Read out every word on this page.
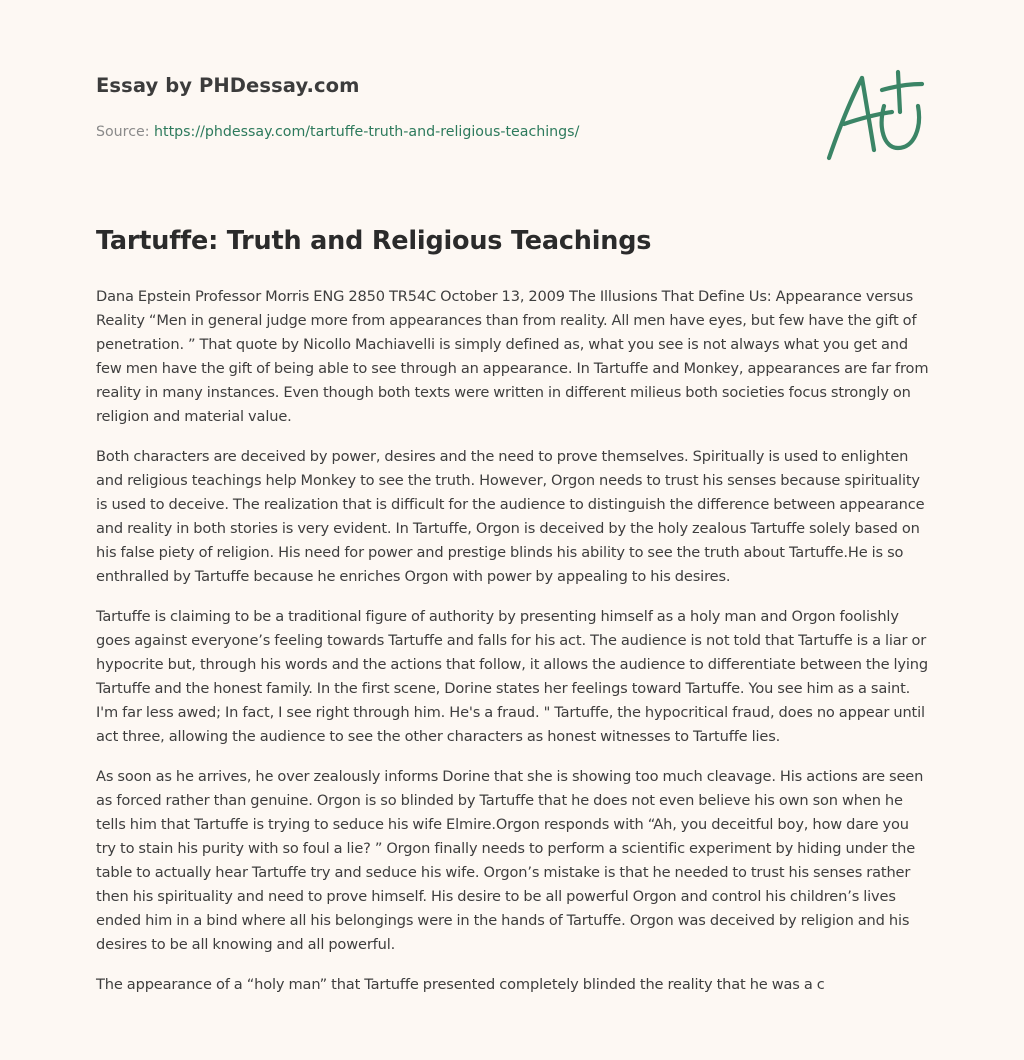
Essay by PHDessay.com

Source: https://phdessay.com/tartuffe-truth-and-religious-teachings/
Tartuffe: Truth and Religious Teachings

Dana Epstein Professor Morris ENG 2850 TR54C October 13, 2009 The Illusions That Define Us: Appearance versus Reality “Men in general judge more from appearances than from reality. All men have eyes, but few have the gift of penetration. ” That quote by Nicollo Machiavelli is simply defined as, what you see is not always what you get and few men have the gift of being able to see through an appearance. In Tartuffe and Monkey, appearances are far from reality in many instances. Even though both texts were written in different milieus both societies focus strongly on religion and material value.

Both characters are deceived by power, desires and the need to prove themselves. Spiritually is used to enlighten and religious teachings help Monkey to see the truth. However, Orgon needs to trust his senses because spirituality is used to deceive. The realization that is difficult for the audience to distinguish the difference between appearance and reality in both stories is very evident. In Tartuffe, Orgon is deceived by the holy zealous Tartuffe solely based on his false piety of religion. His need for power and prestige blinds his ability to see the truth about Tartuffe.He is so enthralled by Tartuffe because he enriches Orgon with power by appealing to his desires.

Tartuffe is claiming to be a traditional figure of authority by presenting himself as a holy man and Orgon foolishly goes against everyone’s feeling towards Tartuffe and falls for his act. The audience is not told that Tartuffe is a liar or hypocrite but, through his words and the actions that follow, it allows the audience to differentiate between the lying Tartuffe and the honest family. In the first scene, Dorine states her feelings toward Tartuffe. You see him as a saint. I'm far less awed; In fact, I see right through him. He's a fraud. " Tartuffe, the hypocritical fraud, does no appear until act three, allowing the audience to see the other characters as honest witnesses to Tartuffe lies.

As soon as he arrives, he over zealously informs Dorine that she is showing too much cleavage. His actions are seen as forced rather than genuine. Orgon is so blinded by Tartuffe that he does not even believe his own son when he tells him that Tartuffe is trying to seduce his wife Elmire.Orgon responds with “Ah, you deceitful boy, how dare you try to stain his purity with so foul a lie? ” Orgon finally needs to perform a scientific experiment by hiding under the table to actually hear Tartuffe try and seduce his wife. Orgon’s mistake is that he needed to trust his senses rather then his spirituality and need to prove himself. His desire to be all powerful Orgon and control his children’s lives ended him in a bind where all his belongings were in the hands of Tartuffe. Orgon was deceived by religion and his desires to be all knowing and all powerful.

The appearance of a “holy man” that Tartuffe presented completely blinded the reality that he was a c
